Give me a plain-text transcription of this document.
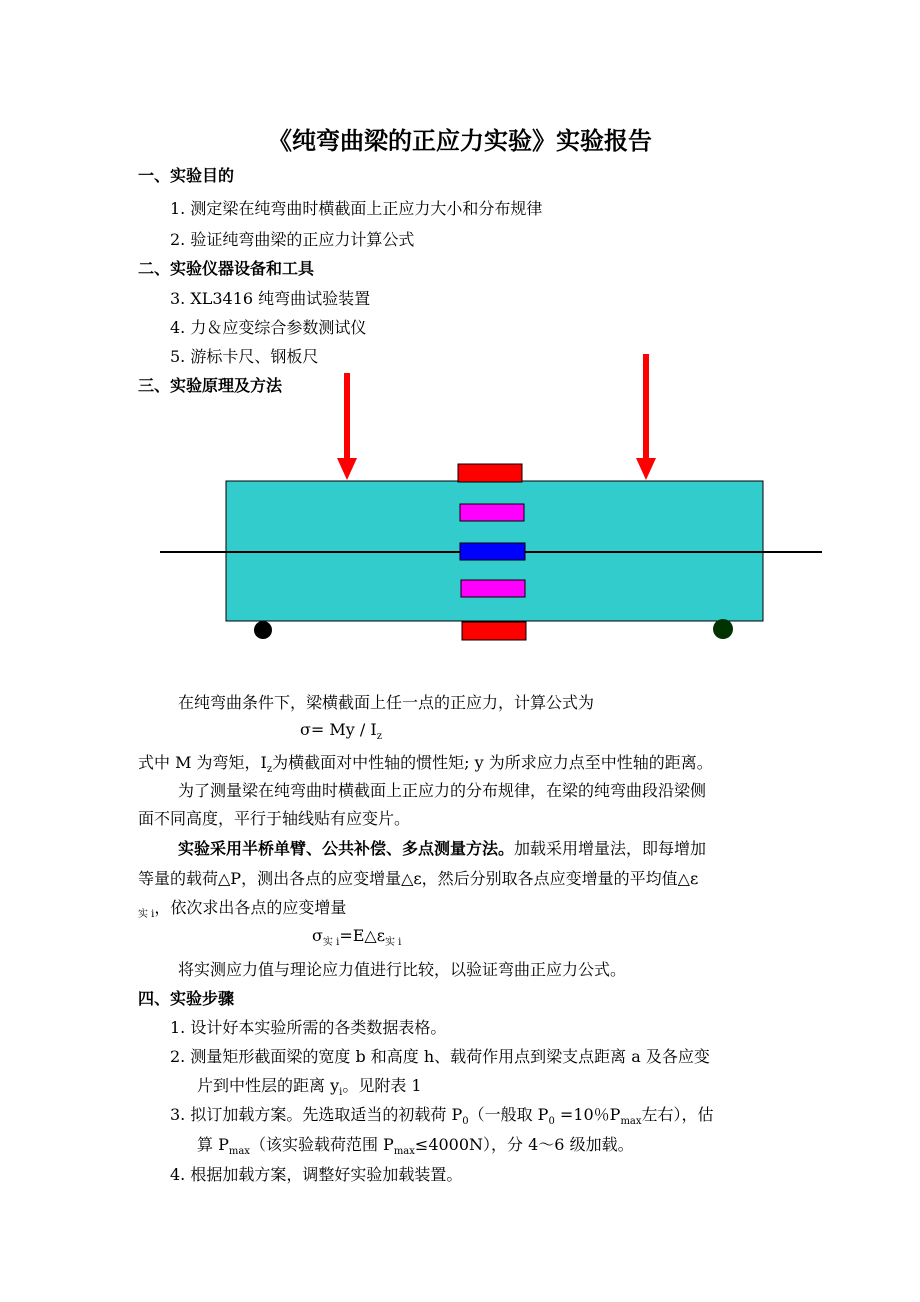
《纯弯曲梁的正应力实验》实验报告
一、实验目的
1. 测定梁在纯弯曲时横截面上正应力大小和分布规律
2. 验证纯弯曲梁的正应力计算公式
二、实验仪器设备和工具
3. XL3416 纯弯曲试验装置
4. 力＆应变综合参数测试仪
5. 游标卡尺、钢板尺
三、实验原理及方法
在纯弯曲条件下，梁横截面上任一点的正应力，计算公式为
$\sigma= My / I_z$
式中 M 为弯矩，$I_z$为横截面对中性轴的惯性矩; y 为所求应力点至中性轴的距离。
为了测量梁在纯弯曲时横截面上正应力的分布规律，在梁的纯弯曲段沿梁侧
面不同高度，平行于轴线贴有应变片。
实验采用半桥单臂、公共补偿、多点测量方法。加载采用增量法，即每增加
等量的载荷△P，测出各点的应变增量△ε，然后分别取各点应变增量的平均值△ε
$_{实 i}$，依次求出各点的应变增量
$\sigma_{实 i}=E\triangle\varepsilon_{实 i}$
将实测应力值与理论应力值进行比较，以验证弯曲正应力公式。
四、实验步骤
1. 设计好本实验所需的各类数据表格。
2. 测量矩形截面梁的宽度 b 和高度 h、载荷作用点到梁支点距离 a 及各应变
片到中性层的距离 $y_i$。见附表 1
3. 拟订加载方案。先选取适当的初载荷 $P_0$（一般取 $P_0 =10$％$P_{max}$左右），估
算 $P_{max}$（该实验载荷范围 $P_{max}\le 4000N$），分 4～6 级加载。
4. 根据加载方案，调整好实验加载装置。
